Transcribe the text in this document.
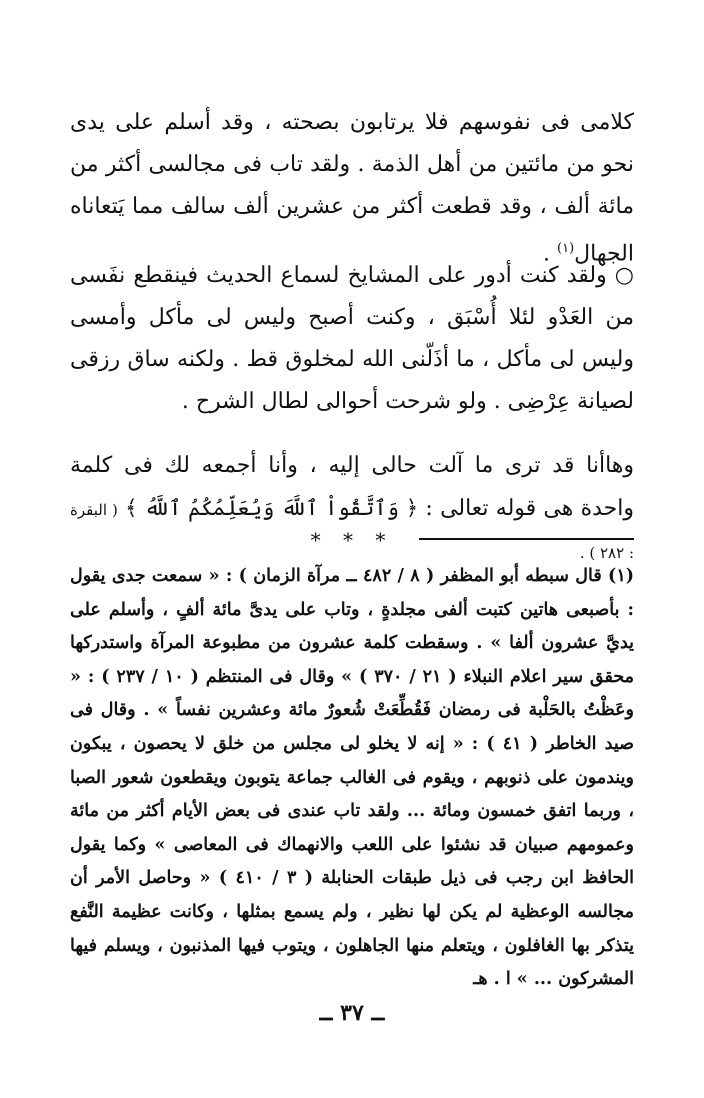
كلامى فى نفوسهم فلا يرتابون بصحته ، وقد أسلم على يدى نحو من مائتين من أهل الذمة . ولقد تاب فى مجالسى أكثر من مائة ألف ، وقد قطعت أكثر من عشرين ألف سالف مما يَتعاناه الجهال$^{(١)}$ .

○ ولقد كنت أدور على المشايخ لسماع الحديث فينقطع نفَسى من العَدْو لئلا أُسْبَق ، وكنت أصبح وليس لى مأكل وأمسى وليس لى مأكل ، ما أذَلّنى الله لمخلوق قط . ولكنه ساق رزقى لصيانة عِرْضِى . ولو شرحت أحوالى لطال الشرح .

وهاأنا قد ترى ما آلت حالى إليه ، وأنا أجمعه لك فى كلمة واحدة هى قوله تعالى : ﴿ وَٱتَّقُواْ ٱللَّهَ وَيُعَلِّمُكُمُ ٱللَّهُ ﴾ ( البقرة : ٢٨٢ ) .

* * *

(١) قال سبطه أبو المظفر ( ٨ / ٤٨٢ ــ مرآة الزمان ) : « سمعت جدى يقول : بأصبعى هاتين كتبت ألفى مجلدةٍ ، وتاب على يدىَّ مائة ألفٍ ، وأسلم على يديَّ عشرون ألفا » . وسقطت كلمة عشرون من مطبوعة المرآة واستدركها محقق سير اعلام النبلاء ( ٢١ / ٣٧٠ ) » وقال فى المنتظم ( ١٠ / ٢٣٧ ) : « وعَظْتُ بالحَلْبة فى رمضان فَقُطِّعَتْ شُعورٌ مائة وعشرين نفساً » . وقال فى صيد الخاطر ( ٤١ ) : « إنه لا يخلو لى مجلس من خلق لا يحصون ، يبكون ويندمون على ذنوبهم ، ويقوم فى الغالب جماعة يتوبون ويقطعون شعور الصبا ، وربما اتفق خمسون ومائة ... ولقد تاب عندى فى بعض الأيام أكثر من مائة وعمومهم صبيان قد نشئوا على اللعب والانهماك فى المعاصى » وكما يقول الحافظ ابن رجب فى ذيل طبقات الحنابلة ( ٣ / ٤١٠ ) « وحاصل الأمر أن مجالسه الوعظية لم يكن لها نظير ، ولم يسمع بمثلها ، وكانت عظيمة النَّفع يتذكر بها الغافلون ، ويتعلم منها الجاهلون ، ويتوب فيها المذنبون ، ويسلم فيها المشركون ... » ا . هـ

ــ ٣٧ ــ
